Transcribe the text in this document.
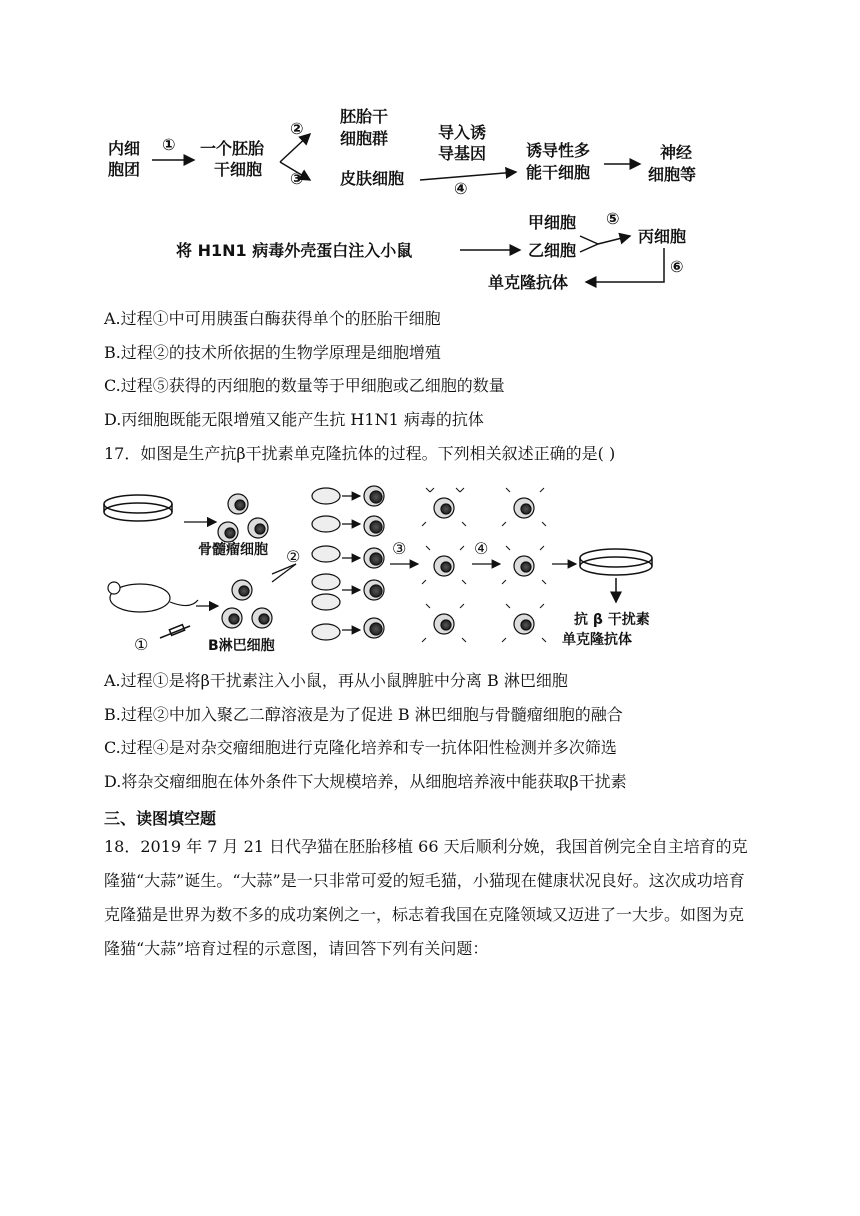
内细
胞团
① 一个胚胎
干细胞
②
③
胚胎干
细胞群
皮肤细胞
导入诱
导基因
④
诱导性多
能干细胞
神经
细胞等
甲细胞
乙细胞
⑤
丙细胞
⑥
将 H1N1 病毒外壳蛋白注入小鼠
单克隆抗体
A.过程①中可用胰蛋白酶获得单个的胚胎干细胞
B.过程②的技术所依据的生物学原理是细胞增殖
C.过程⑤获得的丙细胞的数量等于甲细胞或乙细胞的数量
D.丙细胞既能无限增殖又能产生抗 H1N1 病毒的抗体
17．如图是生产抗β干扰素单克隆抗体的过程。下列相关叙述正确的是( )
骨髓瘤细胞
①	B淋巴细胞
②	③	④
抗 β 干扰素
单克隆抗体
A.过程①是将β干扰素注入小鼠，再从小鼠脾脏中分离 B 淋巴细胞
B.过程②中加入聚乙二醇溶液是为了促进 B 淋巴细胞与骨髓瘤细胞的融合
C.过程④是对杂交瘤细胞进行克隆化培养和专一抗体阳性检测并多次筛选
D.将杂交瘤细胞在体外条件下大规模培养，从细胞培养液中能获取β干扰素
三、读图填空题
18．2019 年 7 月 21 日代孕猫在胚胎移植 66 天后顺利分娩，我国首例完全自主培育的克隆猫“大蒜”诞生。“大蒜”是一只非常可爱的短毛猫，小猫现在健康状况良好。这次成功培育克隆猫是世界为数不多的成功案例之一，标志着我国在克隆领域又迈进了一大步。如图为克隆猫“大蒜”培育过程的示意图，请回答下列有关问题：
